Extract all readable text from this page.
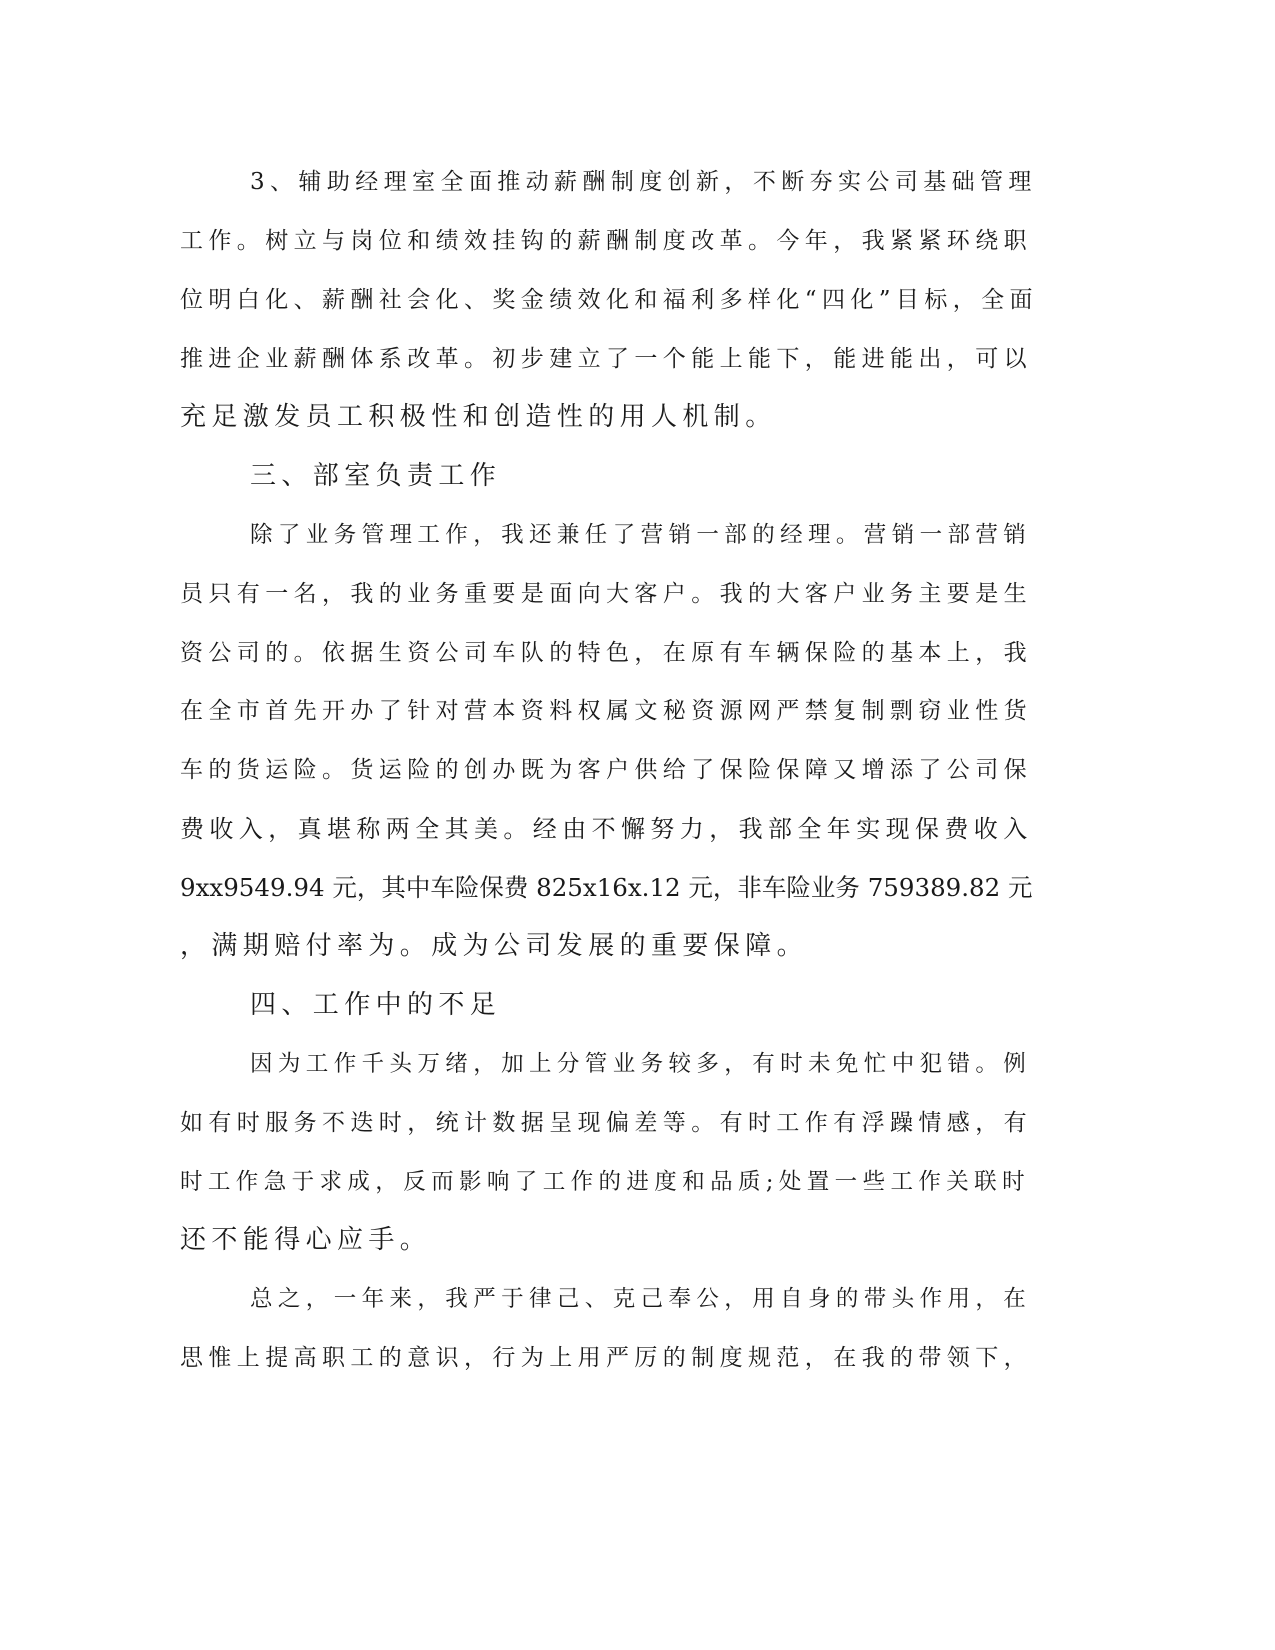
3、辅助经理室全面推动薪酬制度创新，不断夯实公司基础管理
工作。树立与岗位和绩效挂钩的薪酬制度改革。今年，我紧紧环绕职
位明白化、薪酬社会化、奖金绩效化和福利多样化“四化”目标，全面
推进企业薪酬体系改革。初步建立了一个能上能下，能进能出，可以
充足激发员工积极性和创造性的用人机制。
三、部室负责工作
除了业务管理工作，我还兼任了营销一部的经理。营销一部营销
员只有一名，我的业务重要是面向大客户。我的大客户业务主要是生
资公司的。依据生资公司车队的特色，在原有车辆保险的基本上，我
在全市首先开办了针对营本资料权属文秘资源网严禁复制剽窃业性货
车的货运险。货运险的创办既为客户供给了保险保障又增添了公司保
费收入，真堪称两全其美。经由不懈努力，我部全年实现保费收入
9xx9549.94 元，其中车险保费 825x16x.12 元，非车险业务 759389.82 元
，满期赔付率为。成为公司发展的重要保障。
四、工作中的不足
因为工作千头万绪，加上分管业务较多，有时未免忙中犯错。例
如有时服务不迭时，统计数据呈现偏差等。有时工作有浮躁情感，有
时工作急于求成，反而影响了工作的进度和品质;处置一些工作关联时
还不能得心应手。
总之，一年来，我严于律己、克己奉公，用自身的带头作用，在
思惟上提高职工的意识，行为上用严厉的制度规范，在我的带领下，
